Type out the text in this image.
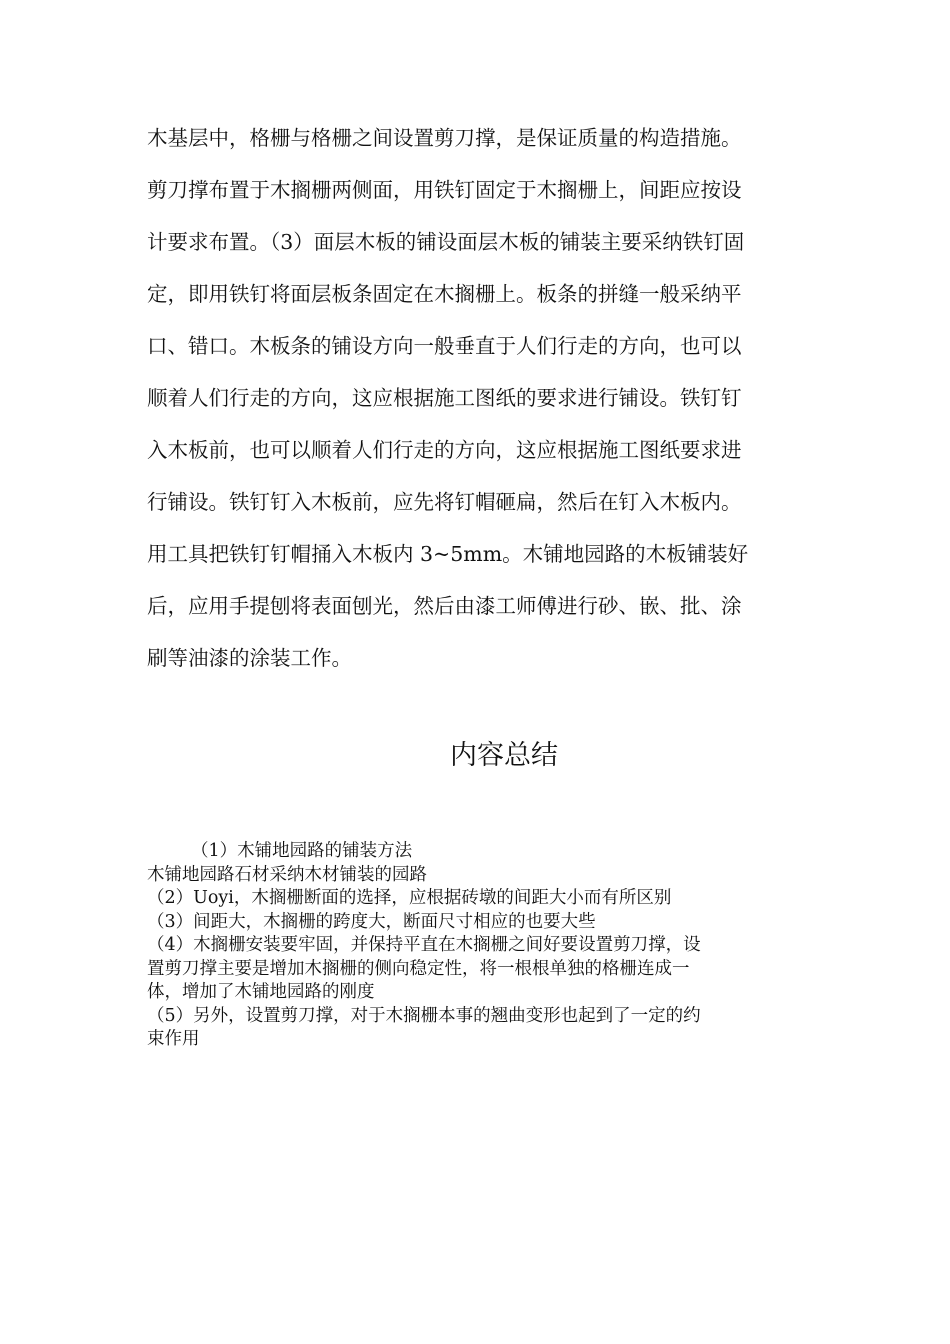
木基层中，格栅与格栅之间设置剪刀撑，是保证质量的构造措施。
剪刀撑布置于木搁栅两侧面，用铁钉固定于木搁栅上，间距应按设
计要求布置。（3）面层木板的铺设面层木板的铺装主要采纳铁钉固
定，即用铁钉将面层板条固定在木搁栅上。板条的拼缝一般采纳平
口、错口。木板条的铺设方向一般垂直于人们行走的方向，也可以
顺着人们行走的方向，这应根据施工图纸的要求进行铺设。铁钉钉
入木板前，也可以顺着人们行走的方向，这应根据施工图纸要求进
行铺设。铁钉钉入木板前，应先将钉帽砸扁，然后在钉入木板内。
用工具把铁钉钉帽捅入木板内 3~5mm。木铺地园路的木板铺装好
后，应用手提刨将表面刨光，然后由漆工师傅进行砂、嵌、批、涂
刷等油漆的涂装工作。
内容总结
（1）木铺地园路的铺装方法
木铺地园路石材采纳木材铺装的园路
（2）Uoyi，木搁栅断面的选择，应根据砖墩的间距大小而有所区别
（3）间距大，木搁栅的跨度大，断面尺寸相应的也要大些
（4）木搁栅安装要牢固，并保持平直在木搁栅之间好要设置剪刀撑，设
置剪刀撑主要是增加木搁栅的侧向稳定性，将一根根单独的格栅连成一
体，增加了木铺地园路的刚度
（5）另外，设置剪刀撑，对于木搁栅本事的翘曲变形也起到了一定的约
束作用
